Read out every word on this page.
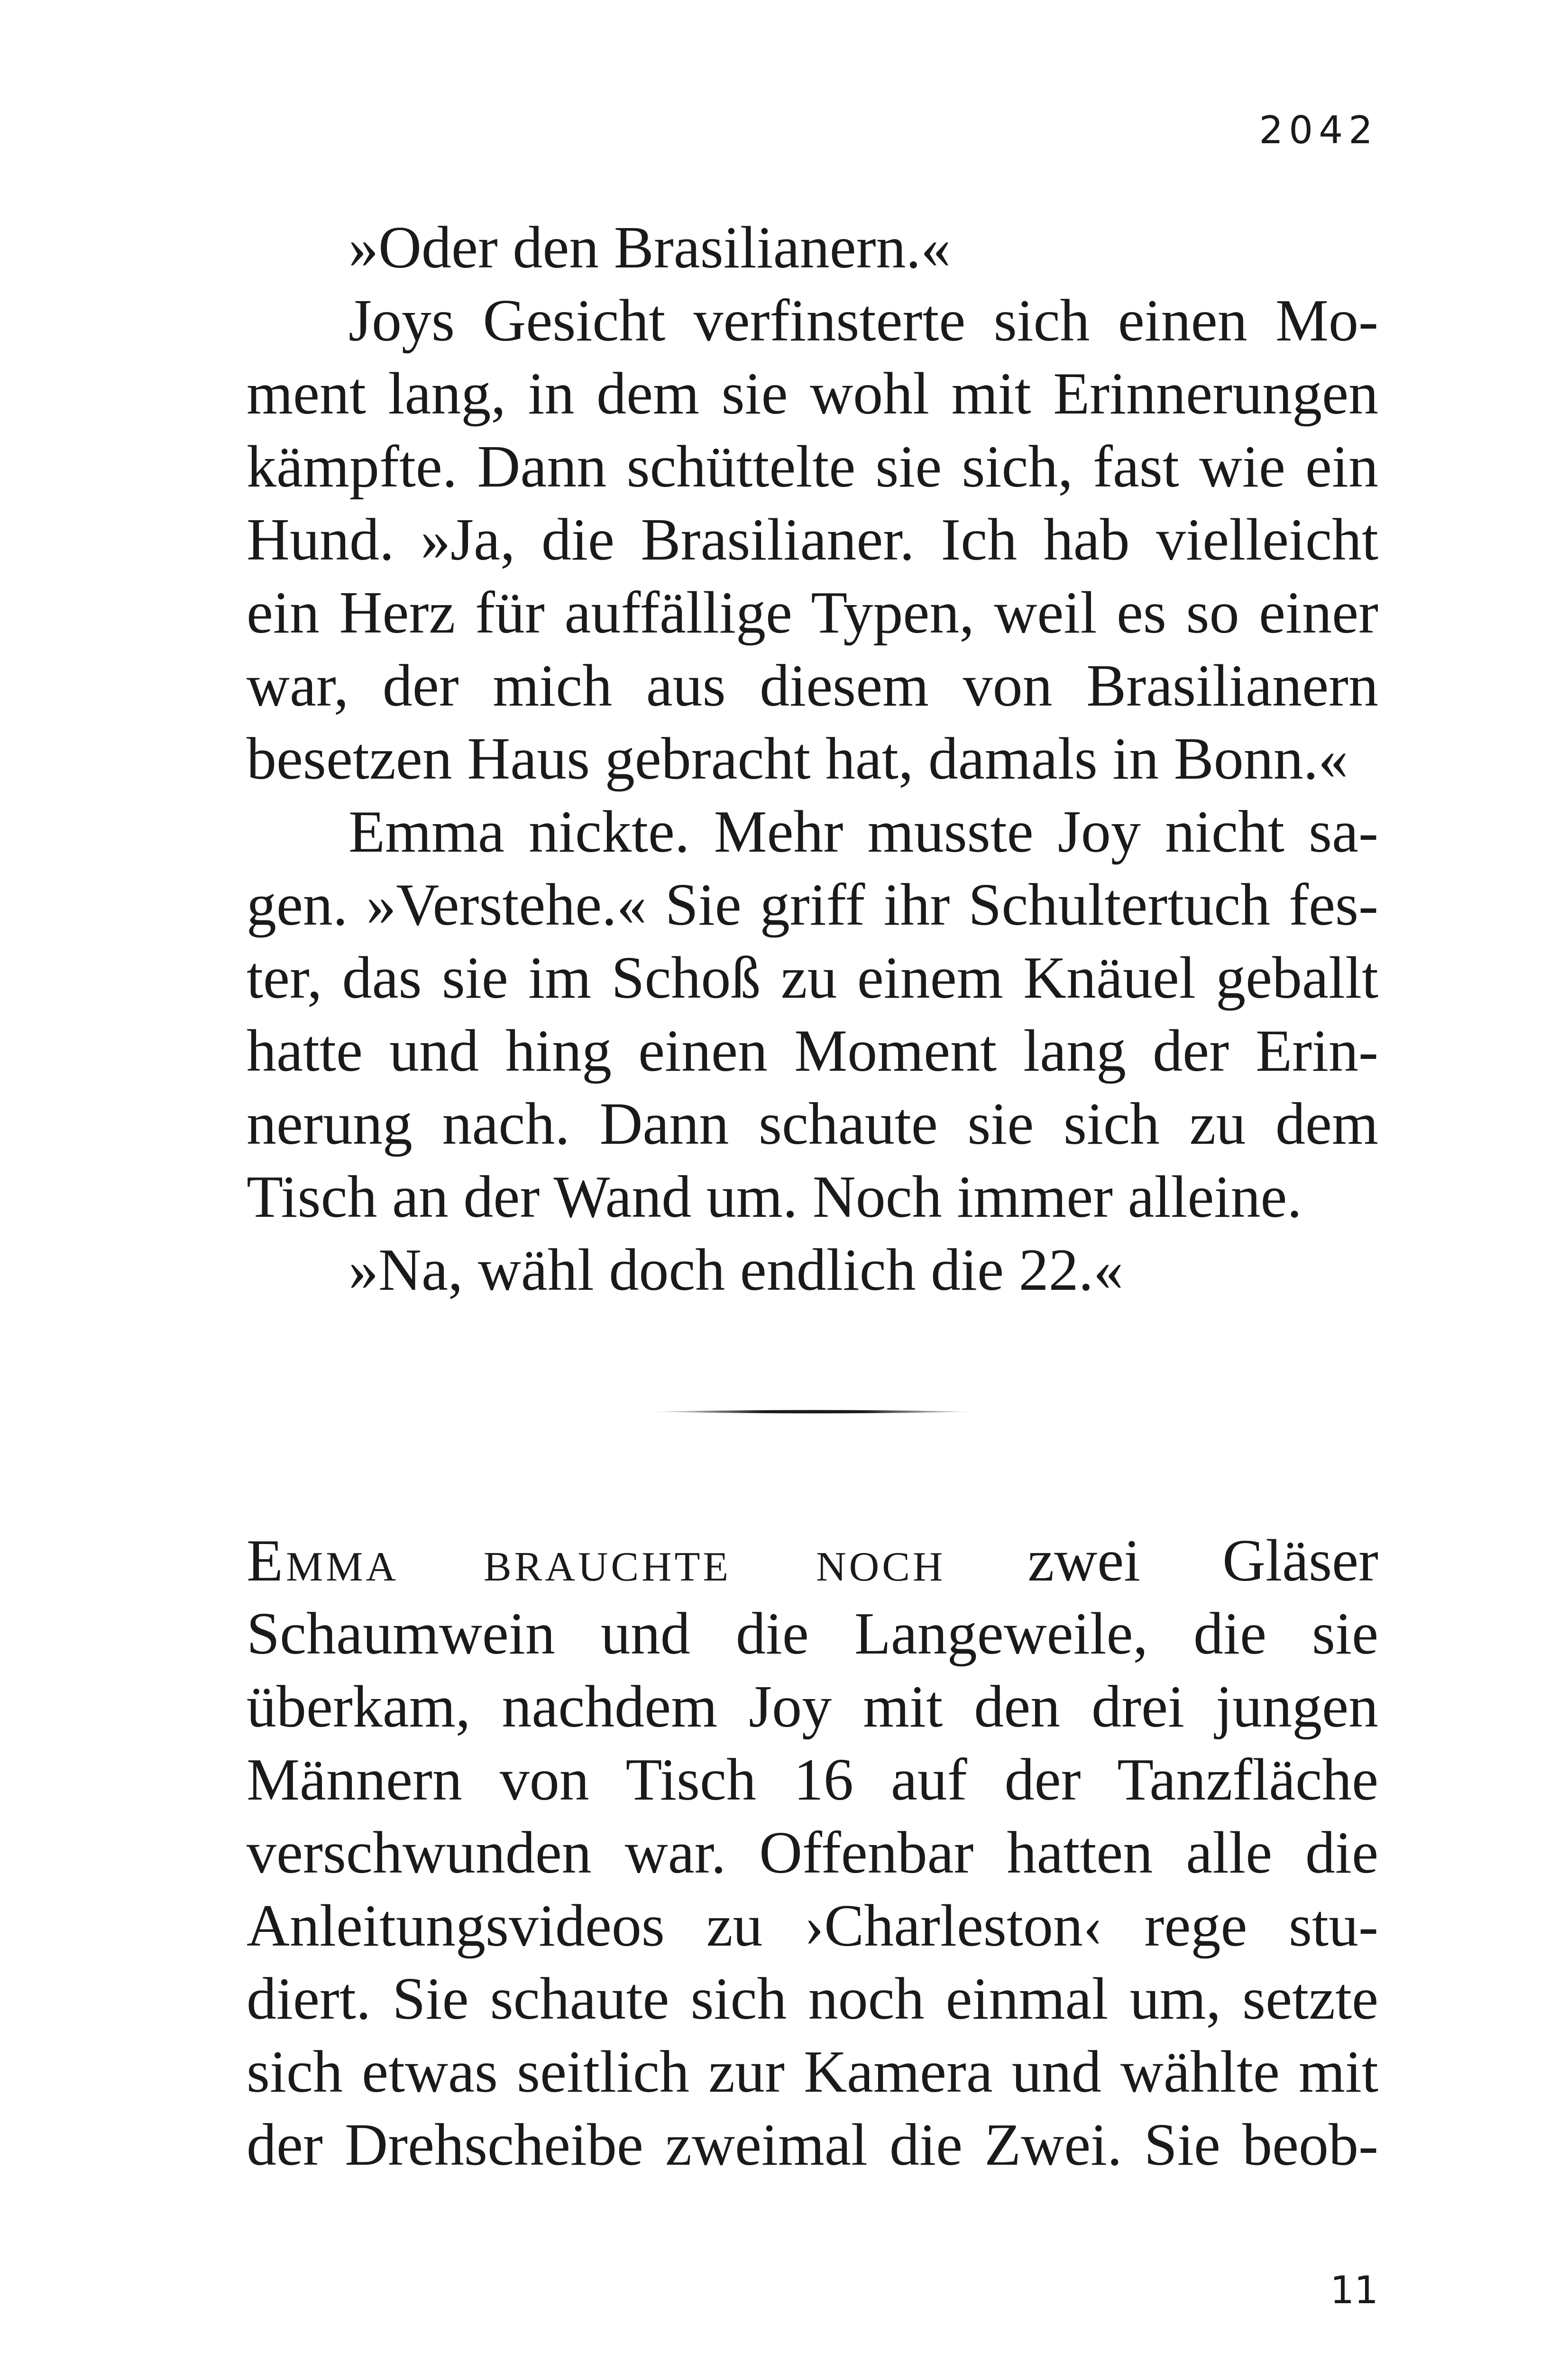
2042
»Oder den Brasilianern.«
Joys Gesicht verfinsterte sich einen Mo-
ment lang, in dem sie wohl mit Erinnerungen
kämpfte. Dann schüttelte sie sich, fast wie ein
Hund. »Ja, die Brasilianer. Ich hab vielleicht
ein Herz für auffällige Typen, weil es so einer
war, der mich aus diesem von Brasilianern
besetzen Haus gebracht hat, damals in Bonn.«
Emma nickte. Mehr musste Joy nicht sa-
gen. »Verstehe.« Sie griff ihr Schultertuch fes-
ter, das sie im Schoß zu einem Knäuel geballt
hatte und hing einen Moment lang der Erin-
nerung nach. Dann schaute sie sich zu dem
Tisch an der Wand um. Noch immer alleine.
»Na, wähl doch endlich die 22.«
Emma brauchte noch zwei Gläser
Schaumwein und die Langeweile, die sie
überkam, nachdem Joy mit den drei jungen
Männern von Tisch 16 auf der Tanzfläche
verschwunden war. Offenbar hatten alle die
Anleitungsvideos zu ›Charleston‹ rege stu-
diert. Sie schaute sich noch einmal um, setzte
sich etwas seitlich zur Kamera und wählte mit
der Drehscheibe zweimal die Zwei. Sie beob-
11
